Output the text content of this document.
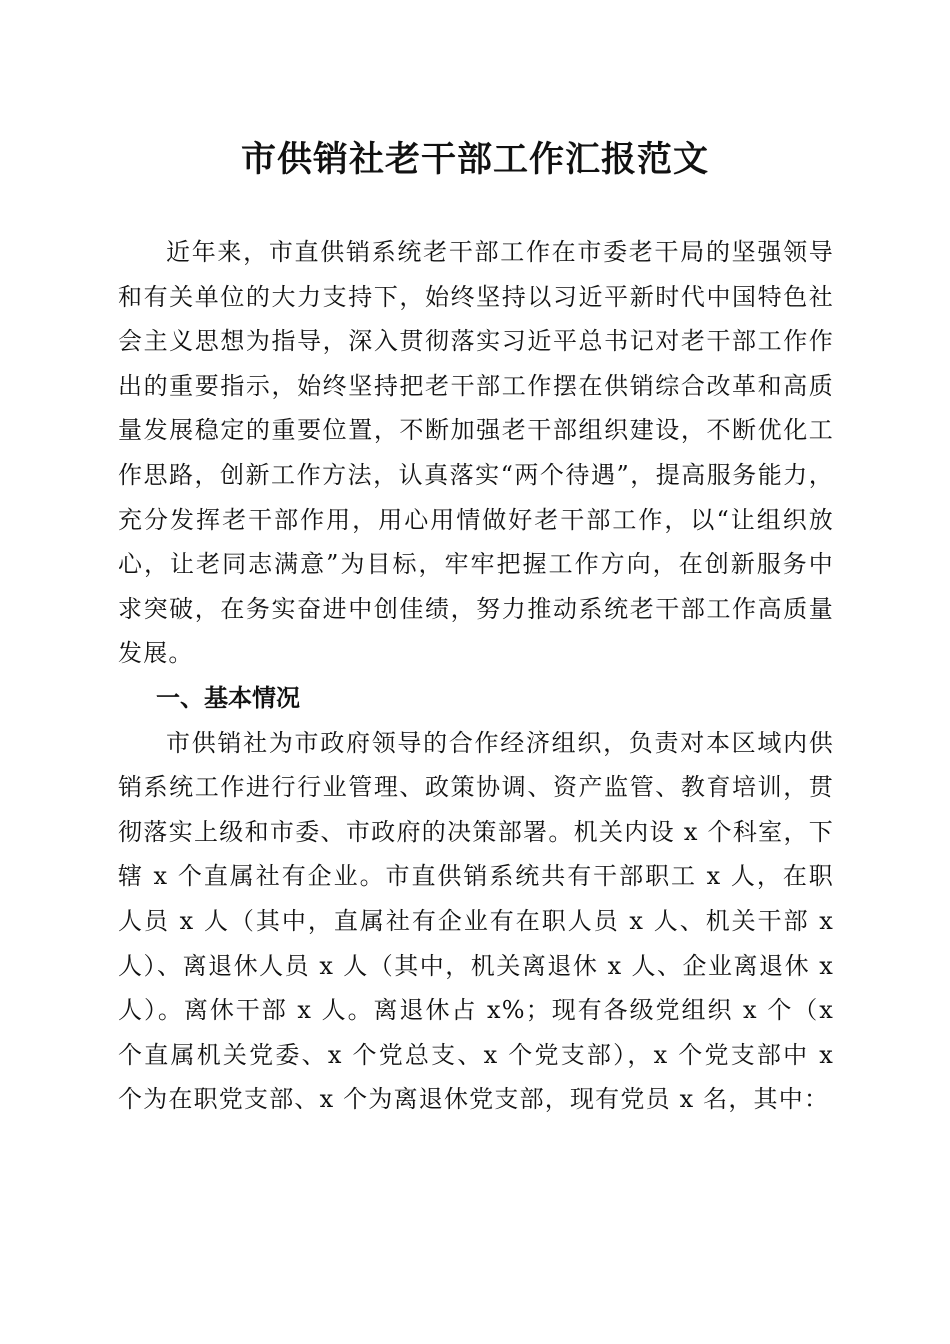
市供销社老干部工作汇报范文

近年来，市直供销系统老干部工作在市委老干局的坚强领导和有关单位的大力支持下，始终坚持以习近平新时代中国特色社会主义思想为指导，深入贯彻落实习近平总书记对老干部工作作出的重要指示，始终坚持把老干部工作摆在供销综合改革和高质量发展稳定的重要位置，不断加强老干部组织建设，不断优化工作思路，创新工作方法，认真落实“两个待遇”，提高服务能力，充分发挥老干部作用，用心用情做好老干部工作，以“让组织放心，让老同志满意”为目标，牢牢把握工作方向，在创新服务中求突破，在务实奋进中创佳绩，努力推动系统老干部工作高质量发展。

一、基本情况

市供销社为市政府领导的合作经济组织，负责对本区域内供销系统工作进行行业管理、政策协调、资产监管、教育培训，贯彻落实上级和市委、市政府的决策部署。机关内设 x 个科室，下辖 x 个直属社有企业。市直供销系统共有干部职工 x 人，在职人员 x 人（其中，直属社有企业有在职人员 x 人、机关干部 x 人）、离退休人员 x 人（其中，机关离退休 x 人、企业离退休 x 人）。离休干部 x 人。离退休占 x%；现有各级党组织 x 个（x 个直属机关党委、x 个党总支、x 个党支部），x 个党支部中 x 个为在职党支部、x 个为离退休党支部，现有党员 x 名，其中：
